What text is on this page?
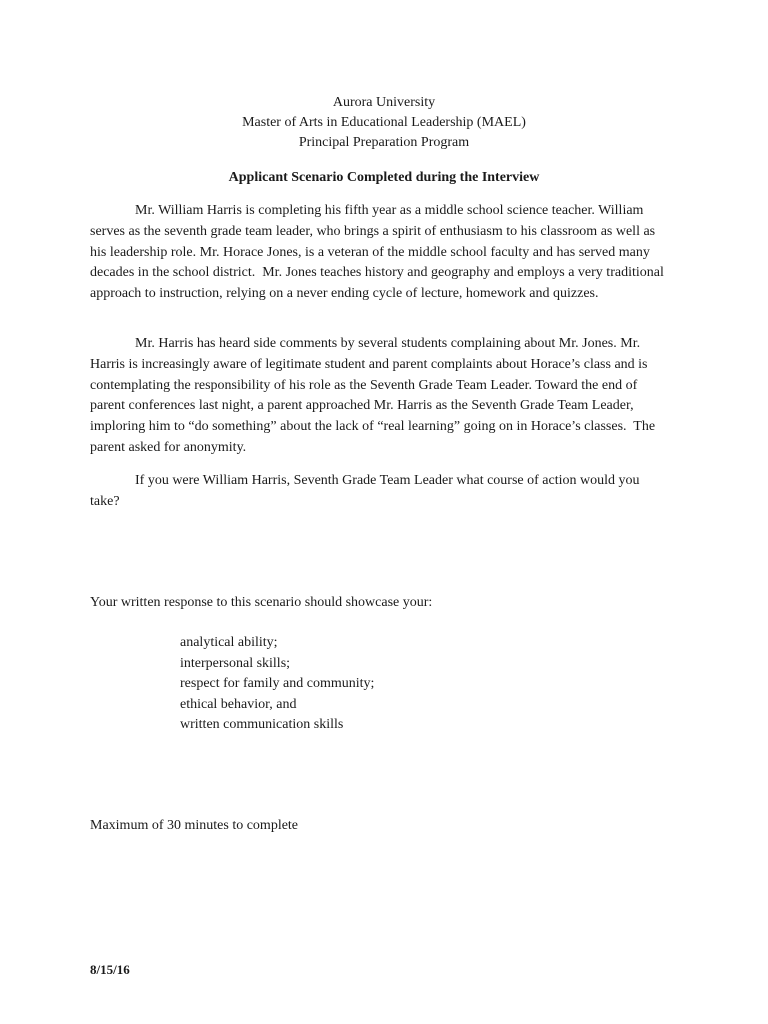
Aurora University
Master of Arts in Educational Leadership (MAEL)
Principal Preparation Program
Applicant Scenario Completed during the Interview

Mr. William Harris is completing his fifth year as a middle school science teacher. William serves as the seventh grade team leader, who brings a spirit of enthusiasm to his classroom as well as his leadership role. Mr. Horace Jones, is a veteran of the middle school faculty and has served many decades in the school district.  Mr. Jones teaches history and geography and employs a very traditional approach to instruction, relying on a never ending cycle of lecture, homework and quizzes.

Mr. Harris has heard side comments by several students complaining about Mr. Jones. Mr. Harris is increasingly aware of legitimate student and parent complaints about Horace’s class and is contemplating the responsibility of his role as the Seventh Grade Team Leader. Toward the end of parent conferences last night, a parent approached Mr. Harris as the Seventh Grade Team Leader, imploring him to “do something” about the lack of “real learning” going on in Horace’s classes.  The parent asked for anonymity.

If you were William Harris, Seventh Grade Team Leader what course of action would you take?

Your written response to this scenario should showcase your:
analytical ability;
interpersonal skills;
respect for family and community;
ethical behavior, and
written communication skills
Maximum of 30 minutes to complete
8/15/16
